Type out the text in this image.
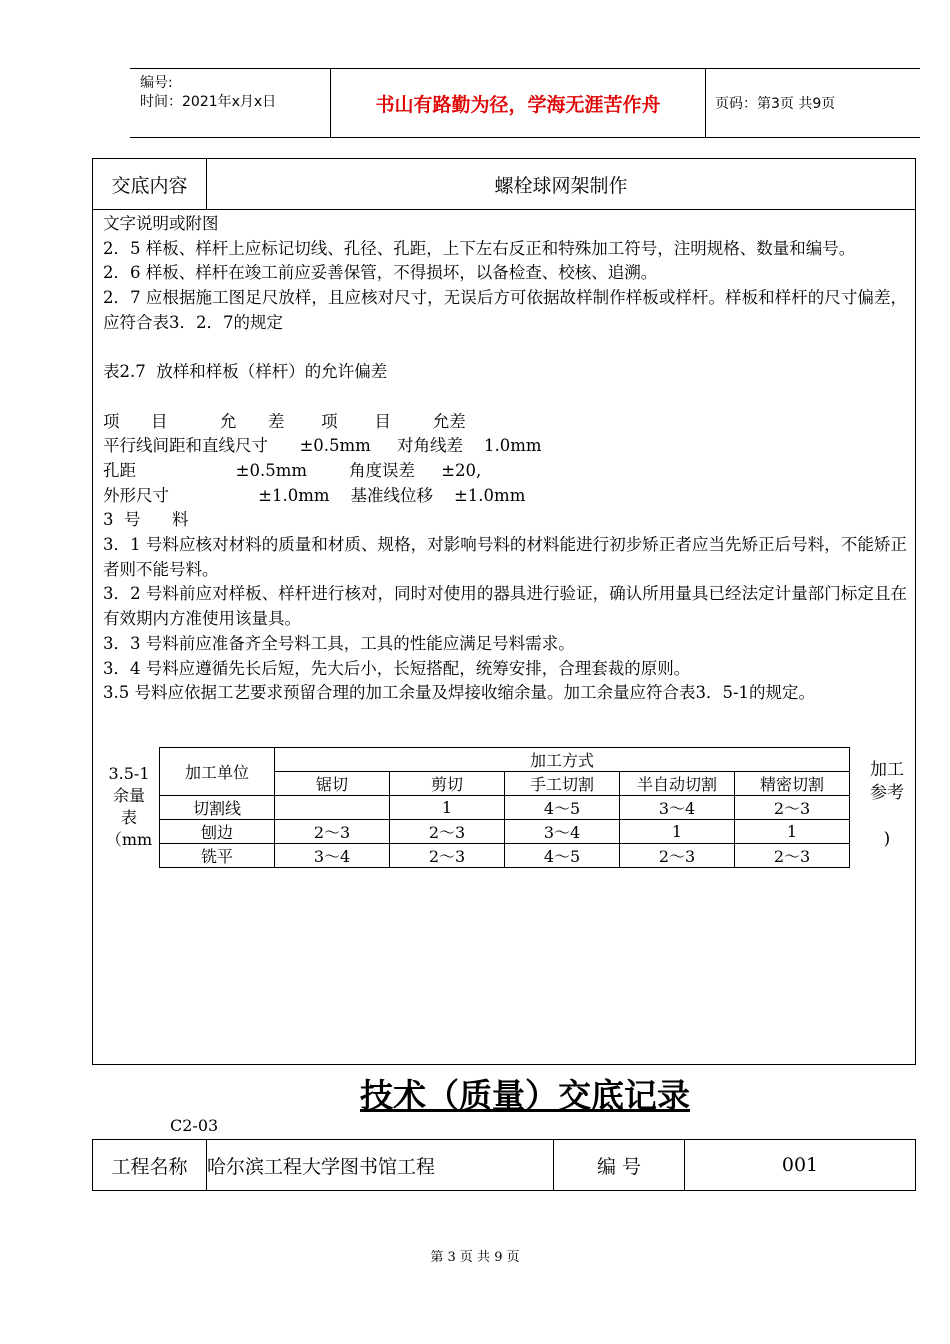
编号:
时间：2021年x月x日	书山有路勤为径，学海无涯苦作舟	页码：第3页 共9页
交底内容	螺栓球网架制作
文字说明或附图
2．5 样板、样杆上应标记切线、孔径、孔距，上下左右反正和特殊加工符号，注明规格、数量和编号。
2．6 样板、样杆在竣工前应妥善保管，不得损坏，以备检查、校核、追溯。
2．7 应根据施工图足尺放样，且应核对尺寸，无误后方可依据故样制作样板或样杆。样板和样杆的尺寸偏差，应符合表3．2．7的规定
表2.7  放样和样板（样杆）的允许偏差
项      目          允      差       项       目        允差
平行线间距和直线尺寸      ±0.5mm     对角线差    1.0mm
孔距                   ±0.5mm        角度误差     ±20,
外形尺寸                 ±1.0mm    基准线位移    ±1.0mm
3  号      料
3．1 号料应核对材料的质量和材质、规格，对影响号料的材料能进行初步矫正者应当先矫正后号料，不能矫正者则不能号料。
3．2 号料前应对样板、样杆进行核对，同时对使用的器具进行验证，确认所用量具已经法定计量部门标定且在有效期内方准使用该量具。
3．3 号料前应准备齐全号料工具，工具的性能应满足号料需求。
3．4 号料应遵循先长后短，先大后小，长短搭配，统筹安排，合理套裁的原则。
3.5 号料应依据工艺要求预留合理的加工余量及焊接收缩余量。加工余量应符合表3．5-1的规定。
3.5-1
余量
表
（mm
加工单位	加工方式				
	锯切	剪切	手工切割	半自动切割	精密切割
切割线		1	4～5	3～4	2～3
刨边	2～3	2～3	3～4	1	1
铣平	3～4	2～3	4～5	2～3	2～3
加工
参考
)
技术（质量）交底记录
C2-03
工程名称	哈尔滨工程大学图书馆工程	编 号	001
第 3 页 共 9 页
